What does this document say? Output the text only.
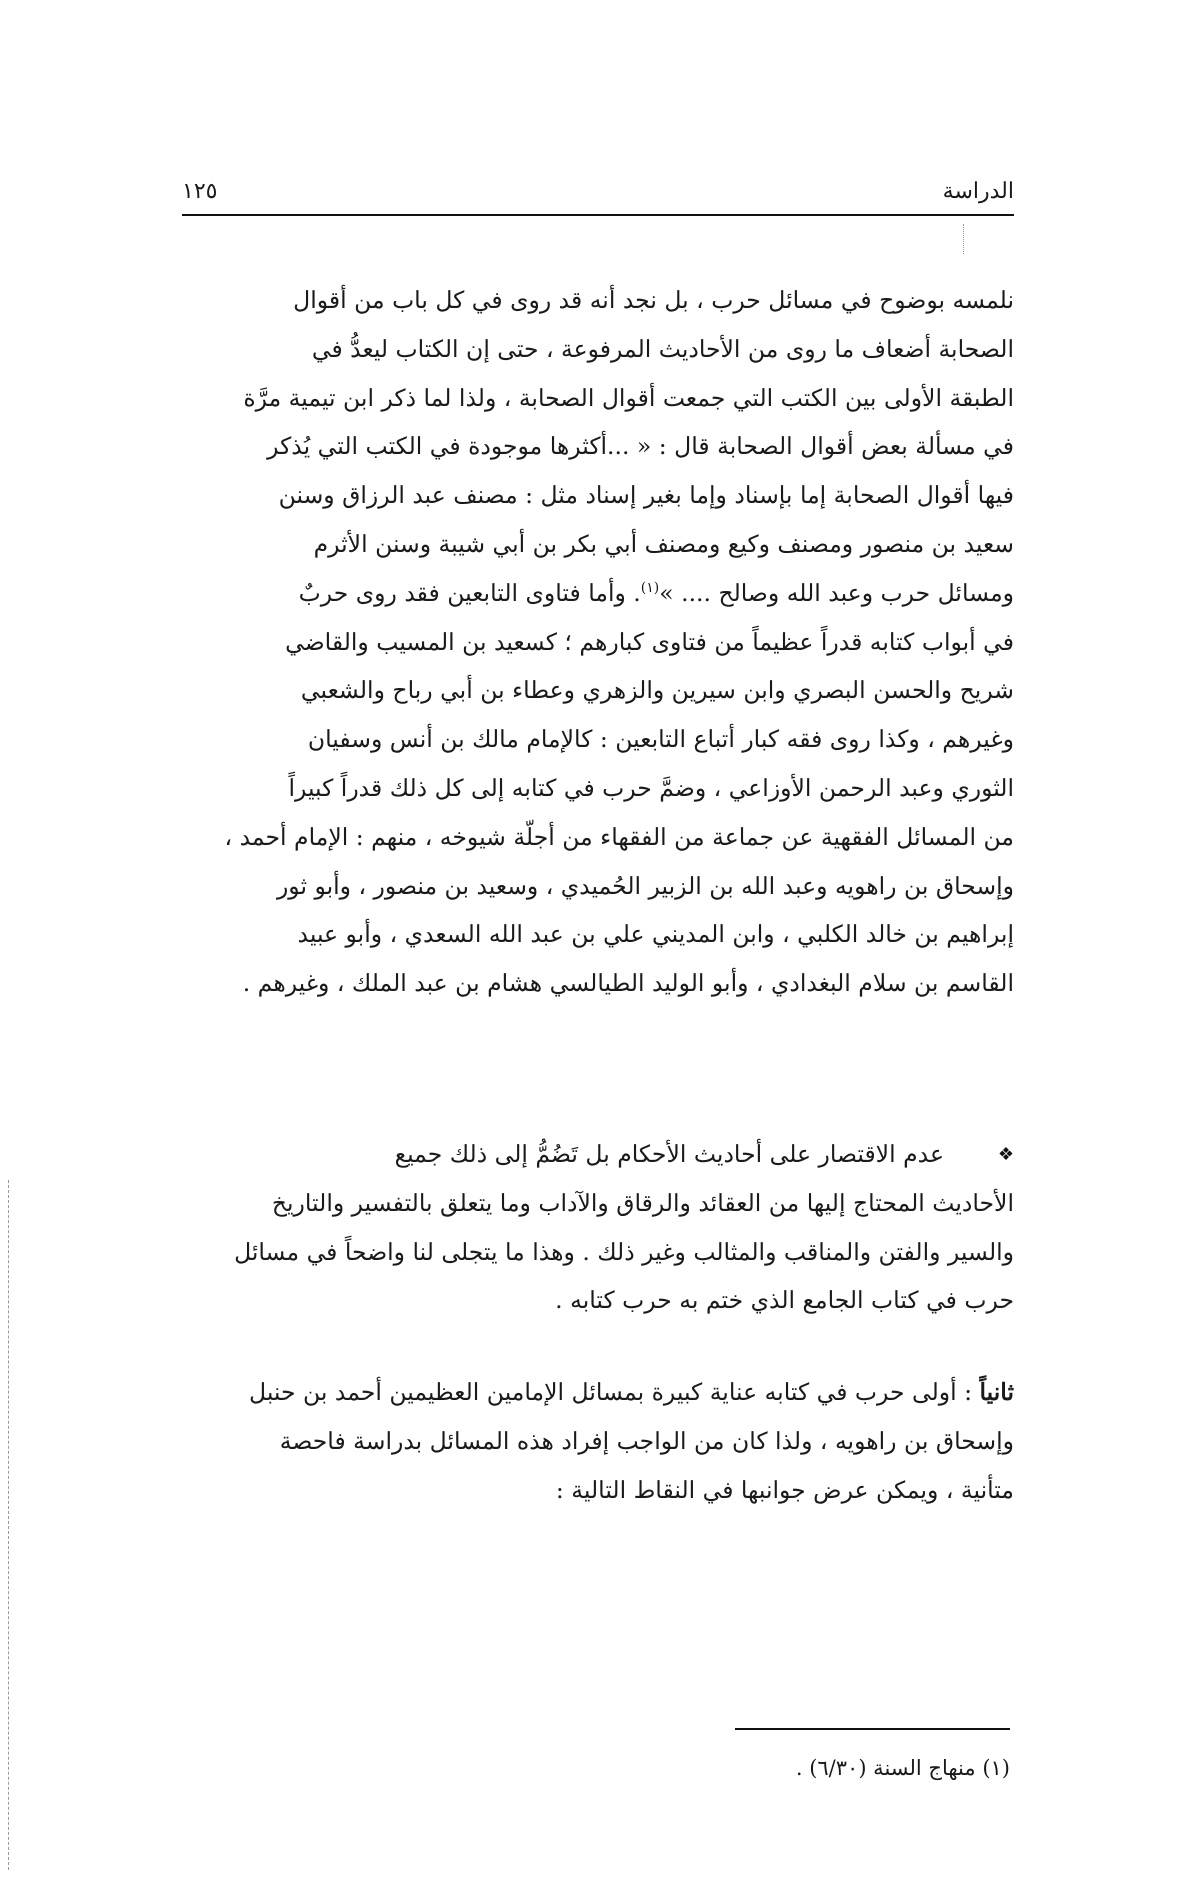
الدراسة
١٢٥
نلمسه بوضوح في مسائل حرب ، بل نجد أنه قد روى في كل باب من أقوال
الصحابة أضعاف ما روى من الأحاديث المرفوعة ، حتى إن الكتاب ليعدُّ في
الطبقة الأولى بين الكتب التي جمعت أقوال الصحابة ، ولذا لما ذكر ابن تيمية مرَّة
في مسألة بعض أقوال الصحابة قال : « ...أكثرها موجودة في الكتب التي يُذكر
فيها أقوال الصحابة إما بإسناد وإما بغير إسناد مثل : مصنف عبد الرزاق وسنن
سعيد بن منصور ومصنف وكيع ومصنف أبي بكر بن أبي شيبة وسنن الأثرم
ومسائل حرب وعبد الله وصالح .... »$^{(١)}$. وأما فتاوى التابعين فقد روى حربٌ
في أبواب كتابه قدراً عظيماً من فتاوى كبارهم ؛ كسعيد بن المسيب والقاضي
شريح والحسن البصري وابن سيرين والزهري وعطاء بن أبي رباح والشعبي
وغيرهم ، وكذا روى فقه كبار أتباع التابعين : كالإمام مالك بن أنس وسفيان
الثوري وعبد الرحمن الأوزاعي ، وضمَّ حرب في كتابه إلى كل ذلك قدراً كبيراً
من المسائل الفقهية عن جماعة من الفقهاء من أجلّة شيوخه ، منهم : الإمام أحمد ،
وإسحاق بن راهويه وعبد الله بن الزبير الحُميدي ، وسعيد بن منصور ، وأبو ثور
إبراهيم بن خالد الكلبي ، وابن المديني علي بن عبد الله السعدي ، وأبو عبيد
القاسم بن سلام البغدادي ، وأبو الوليد الطيالسي هشام بن عبد الملك ، وغيرهم .
❖
عدم الاقتصار على أحاديث الأحكام بل تَضُمُّ إلى ذلك جميع
الأحاديث المحتاج إليها من العقائد والرقاق والآداب وما يتعلق بالتفسير والتاريخ
والسير والفتن والمناقب والمثالب وغير ذلك . وهذا ما يتجلى لنا واضحاً في مسائل
حرب في كتاب الجامع الذي ختم به حرب كتابه .
ثانياً : أولى حرب في كتابه عناية كبيرة بمسائل الإمامين العظيمين أحمد بن حنبل
وإسحاق بن راهويه ، ولذا كان من الواجب إفراد هذه المسائل بدراسة فاحصة
متأنية ، ويمكن عرض جوانبها في النقاط التالية :
(١) منهاج السنة (٦/٣٠) .
